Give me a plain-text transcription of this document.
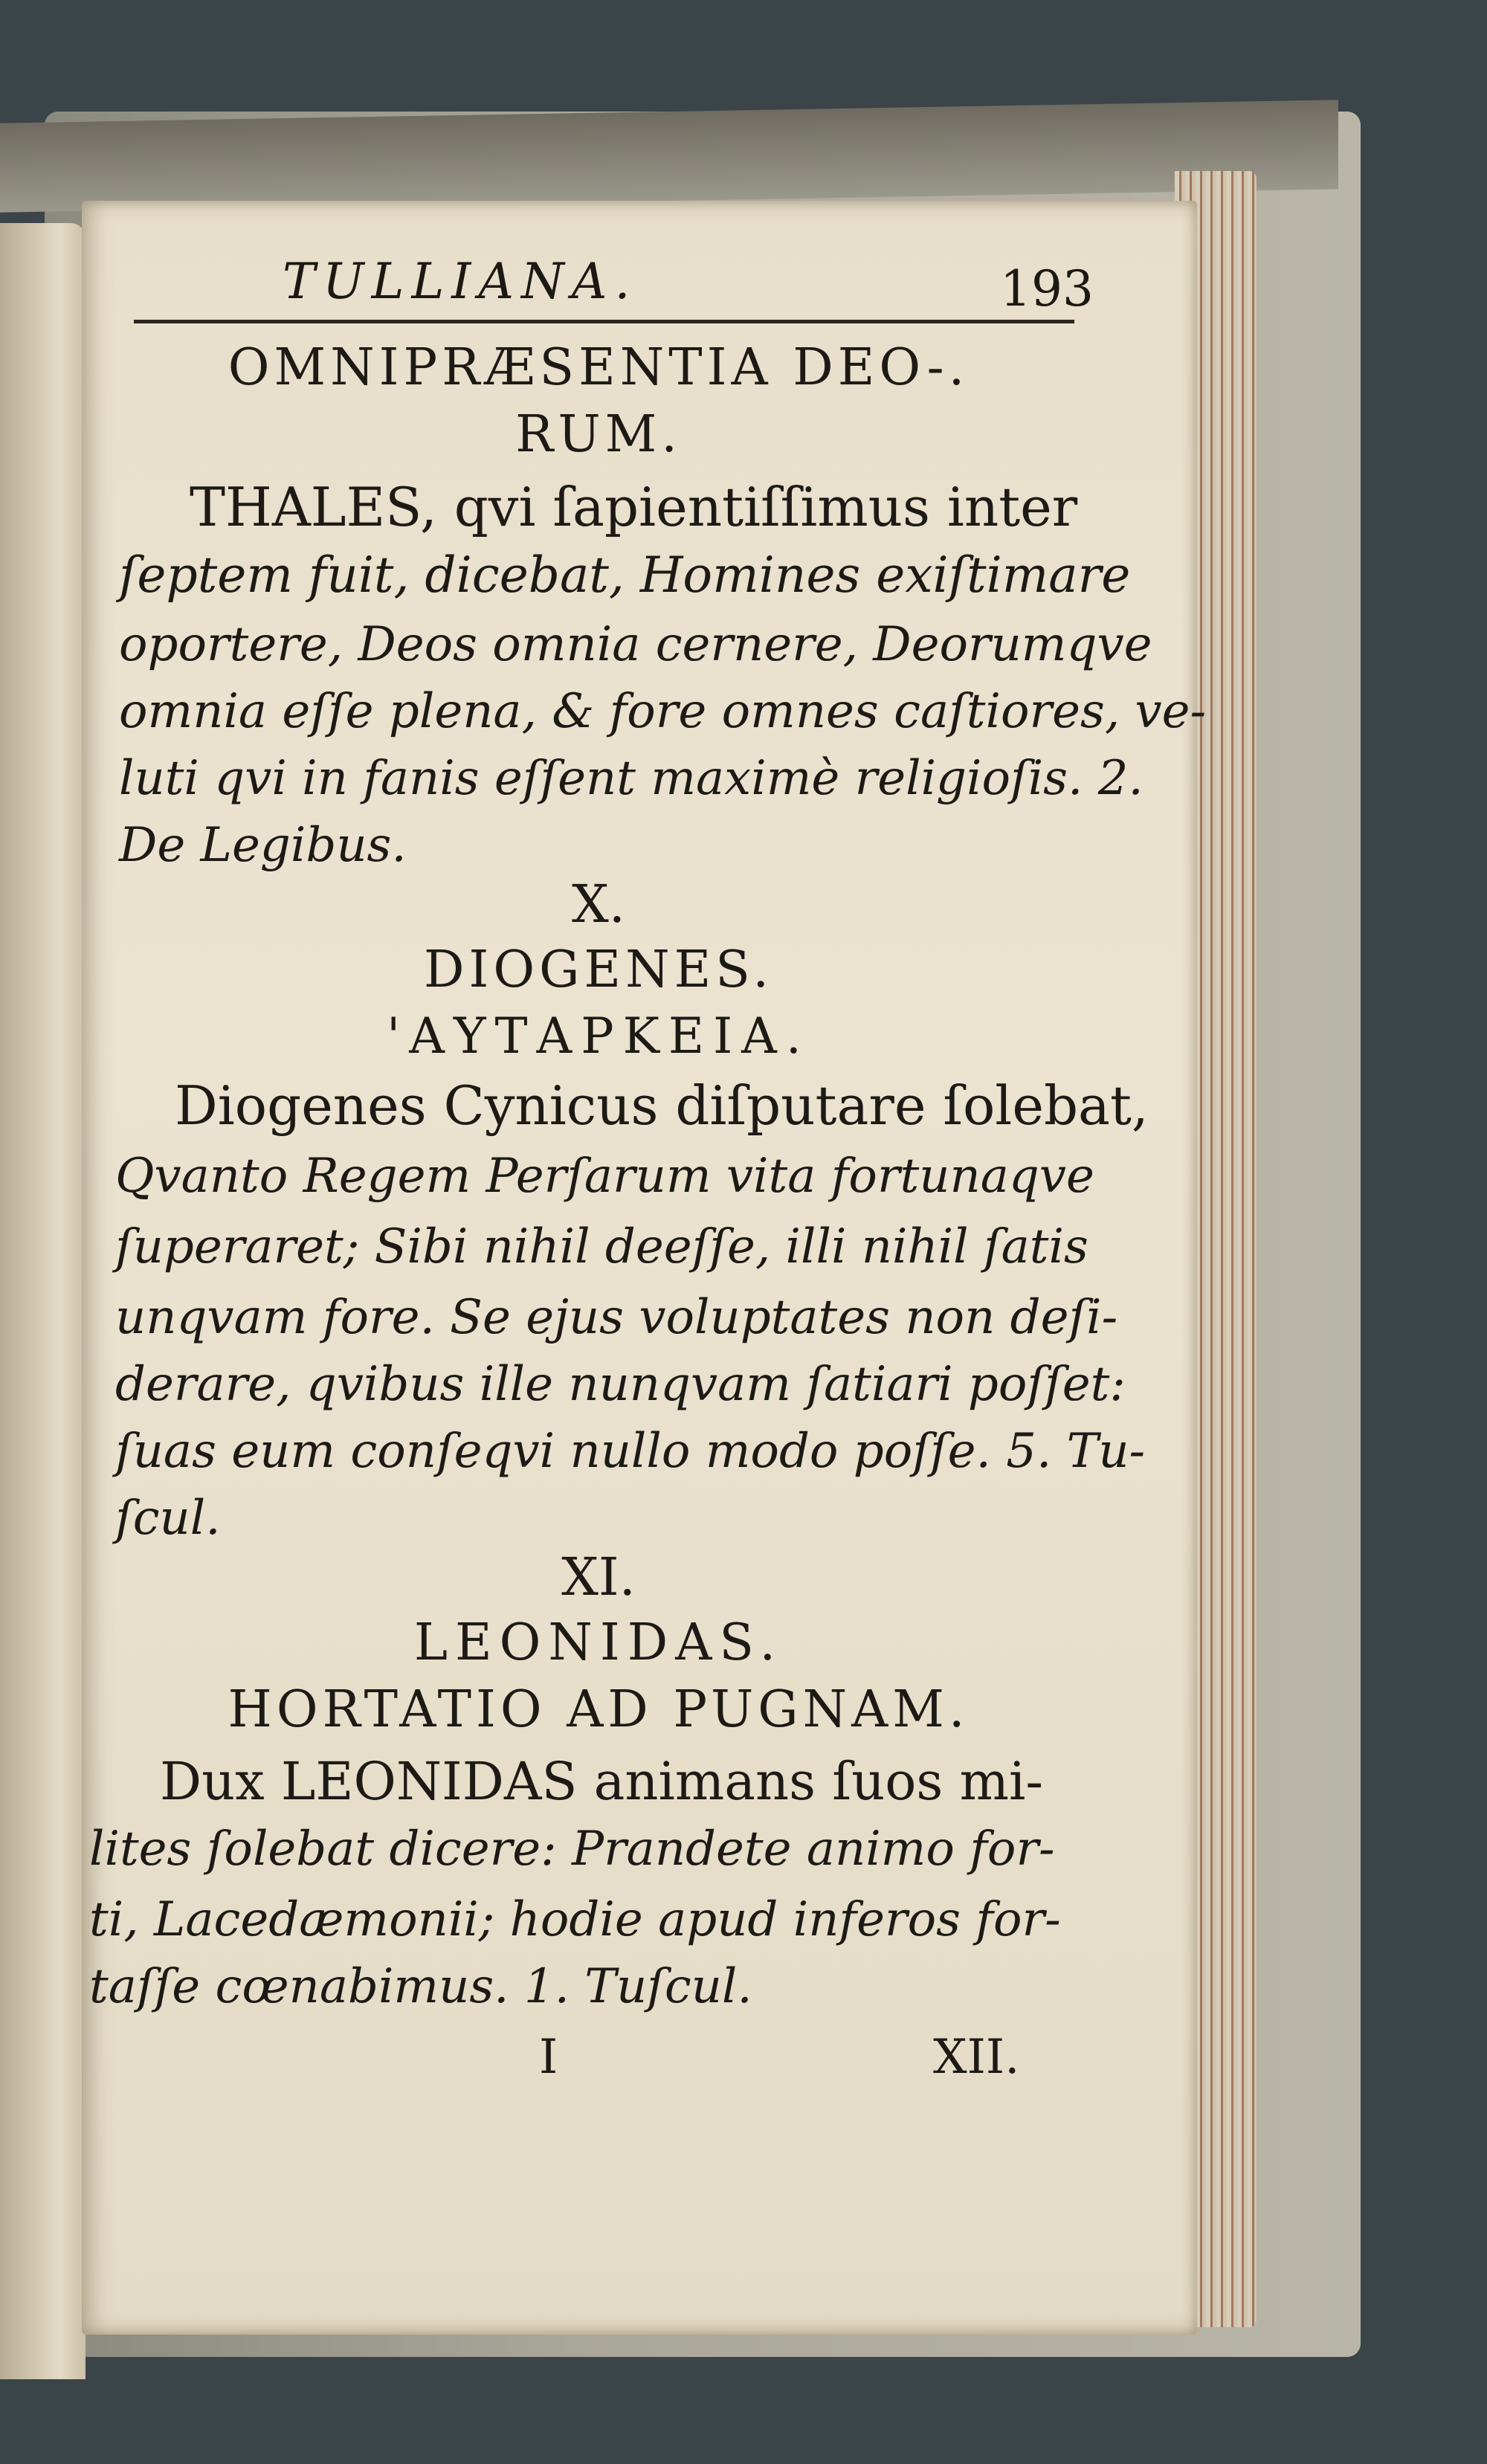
TULLIANA.	193
OMNIPRÆSENTIA DEO-.
RUM.
THALES, qvi ſapientiſſimus inter
ſeptem fuit, dicebat, Homines exiſtimare
oportere, Deos omnia cernere, Deorumqve
omnia eſſe plena, & fore omnes caſtiores, ve-
luti qvi in fanis eſſent maximè religioſis. 2.
De Legibus.
X.
DIOGENES.
'ΑΥΤΑΡΚΕΙΑ.
Diogenes Cynicus diſputare ſolebat,
Qvanto Regem Perſarum vita fortunaqve
ſuperaret; Sibi nihil deeſſe, illi nihil ſatis
unqvam fore. Se ejus voluptates non deſi-
derare, qvibus ille nunqvam ſatiari poſſet:
ſuas eum conſeqvi nullo modo poſſe. 5. Tu-
ſcul.
XI.
LEONIDAS.
HORTATIO AD PUGNAM.
Dux LEONIDAS animans ſuos mi-
lites ſolebat dicere: Prandete animo for-
ti, Lacedæmonii; hodie apud inferos for-
taſſe cœnabimus. 1. Tuſcul.
I	XII.
